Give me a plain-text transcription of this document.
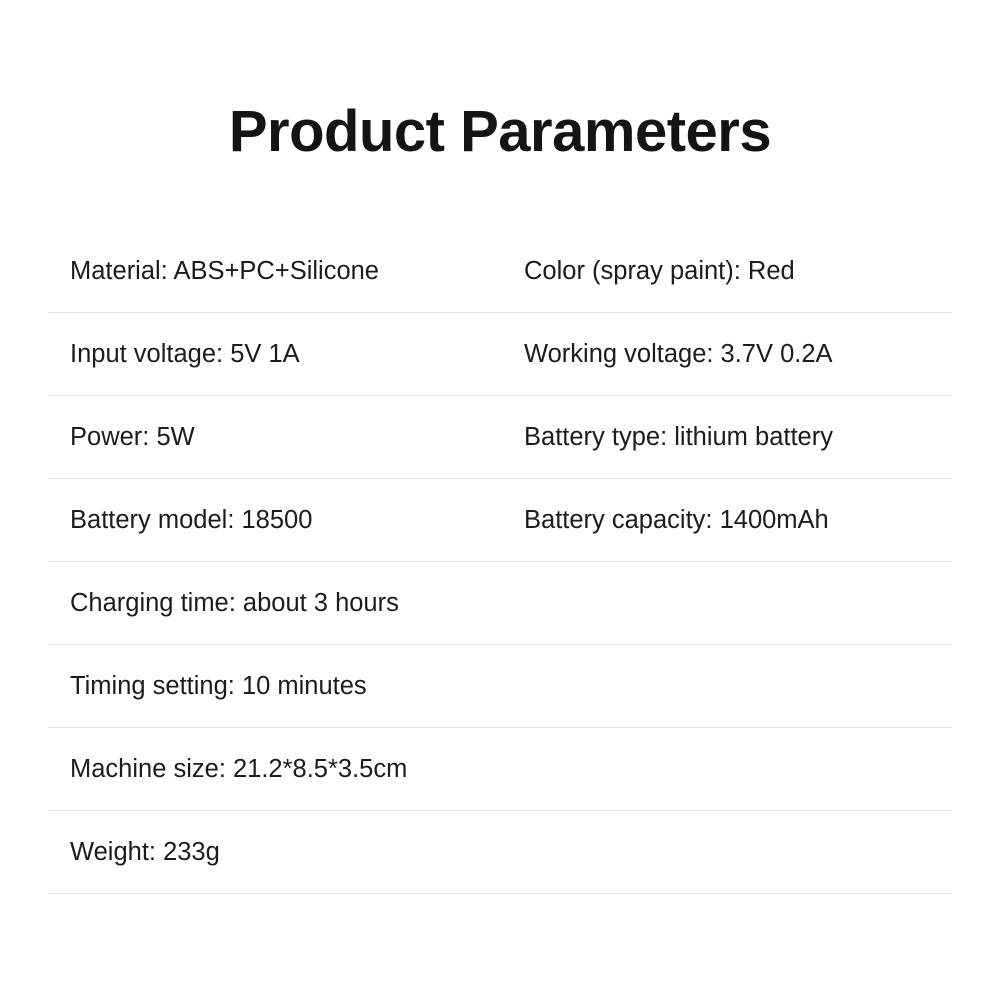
Product Parameters
Material: ABS+PC+Silicone	Color (spray paint): Red

Input voltage: 5V 1A	Working voltage: 3.7V 0.2A

Power: 5W	Battery type: lithium battery

Battery model: 18500	Battery capacity: 1400mAh

Charging time: about 3 hours	

Timing setting: 10 minutes	

Machine size: 21.2*8.5*3.5cm	

Weight: 233g	
